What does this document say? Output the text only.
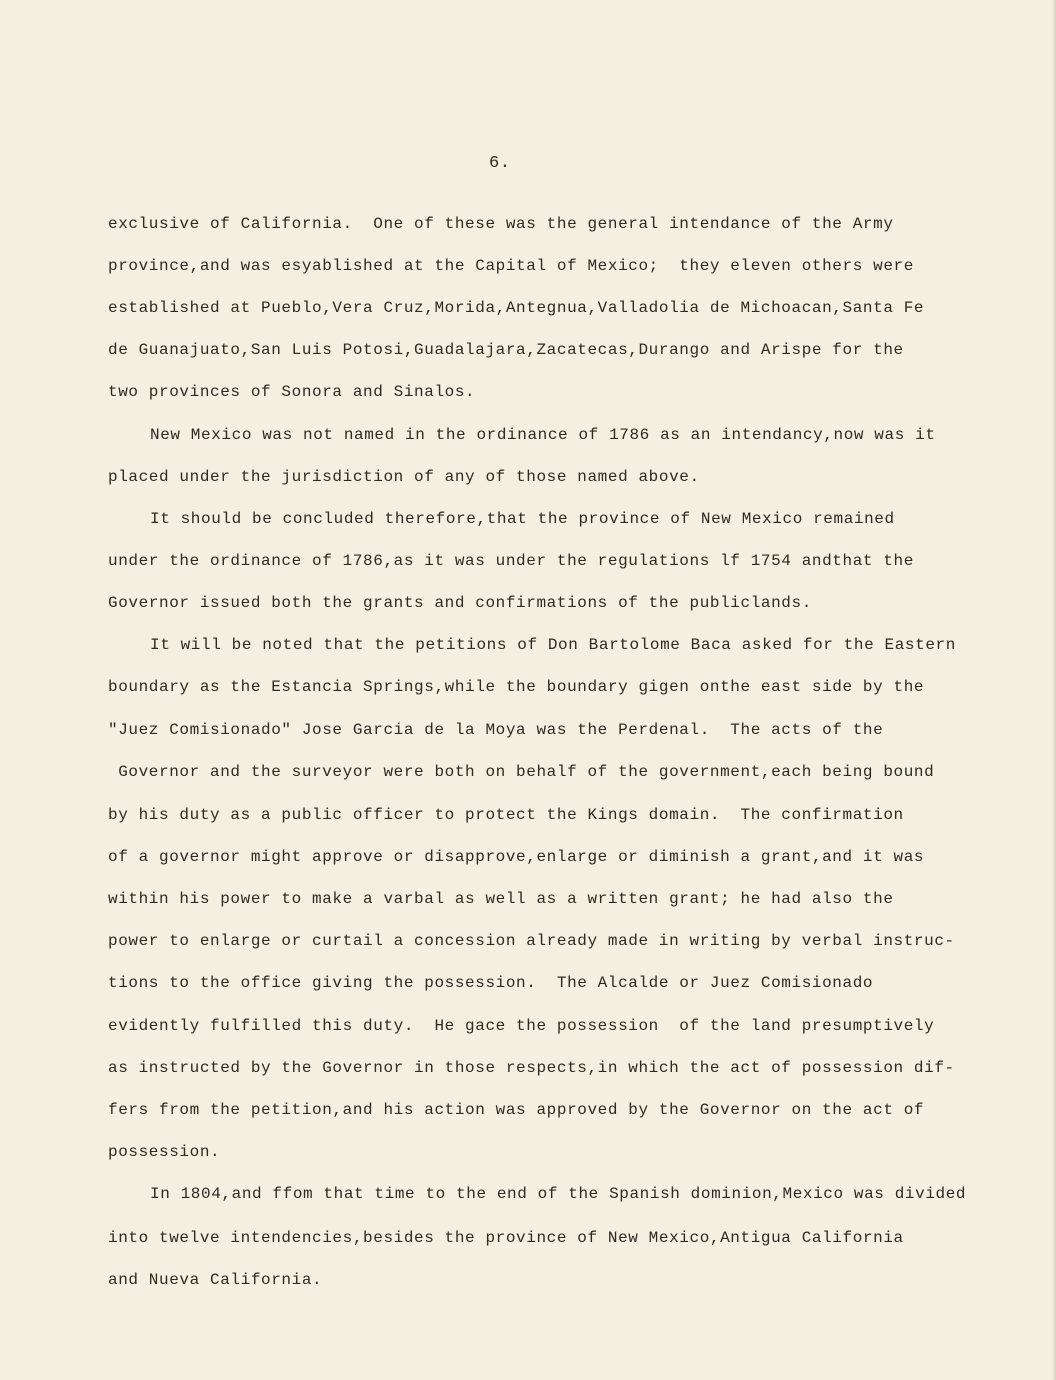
6.
exclusive of California.  One of these was the general intendance of the Army
province,and was esyablished at the Capital of Mexico;  they eleven others were
established at Pueblo,Vera Cruz,Morida,Antegnua,Valladolia de Michoacan,Santa Fe
de Guanajuato,San Luis Potosi,Guadalajara,Zacatecas,Durango and Arispe for the
two provinces of Sonora and Sinalos.
New Mexico was not named in the ordinance of 1786 as an intendancy,now was it
placed under the jurisdiction of any of those named above.
It should be concluded therefore,that the province of New Mexico remained
under the ordinance of 1786,as it was under the regulations lf 1754 andthat the
Governor issued both the grants and confirmations of the publiclands.
It will be noted that the petitions of Don Bartolome Baca asked for the Eastern
boundary as the Estancia Springs,while the boundary gigen onthe east side by the
"Juez Comisionado" Jose Garcia de la Moya was the Perdenal.  The acts of the
Governor and the surveyor were both on behalf of the government,each being bound
by his duty as a public officer to protect the Kings domain.  The confirmation
of a governor might approve or disapprove,enlarge or diminish a grant,and it was
within his power to make a varbal as well as a written grant; he had also the
power to enlarge or curtail a concession already made in writing by verbal instruc-
tions to the office giving the possession.  The Alcalde or Juez Comisionado
evidently fulfilled this duty.  He gace the possession  of the land presumptively
as instructed by the Governor in those respects,in which the act of possession dif-
fers from the petition,and his action was approved by the Governor on the act of
possession.
In 1804,and ffom that time to the end of the Spanish dominion,Mexico was divided
into twelve intendencies,besides the province of New Mexico,Antigua California
and Nueva California.
